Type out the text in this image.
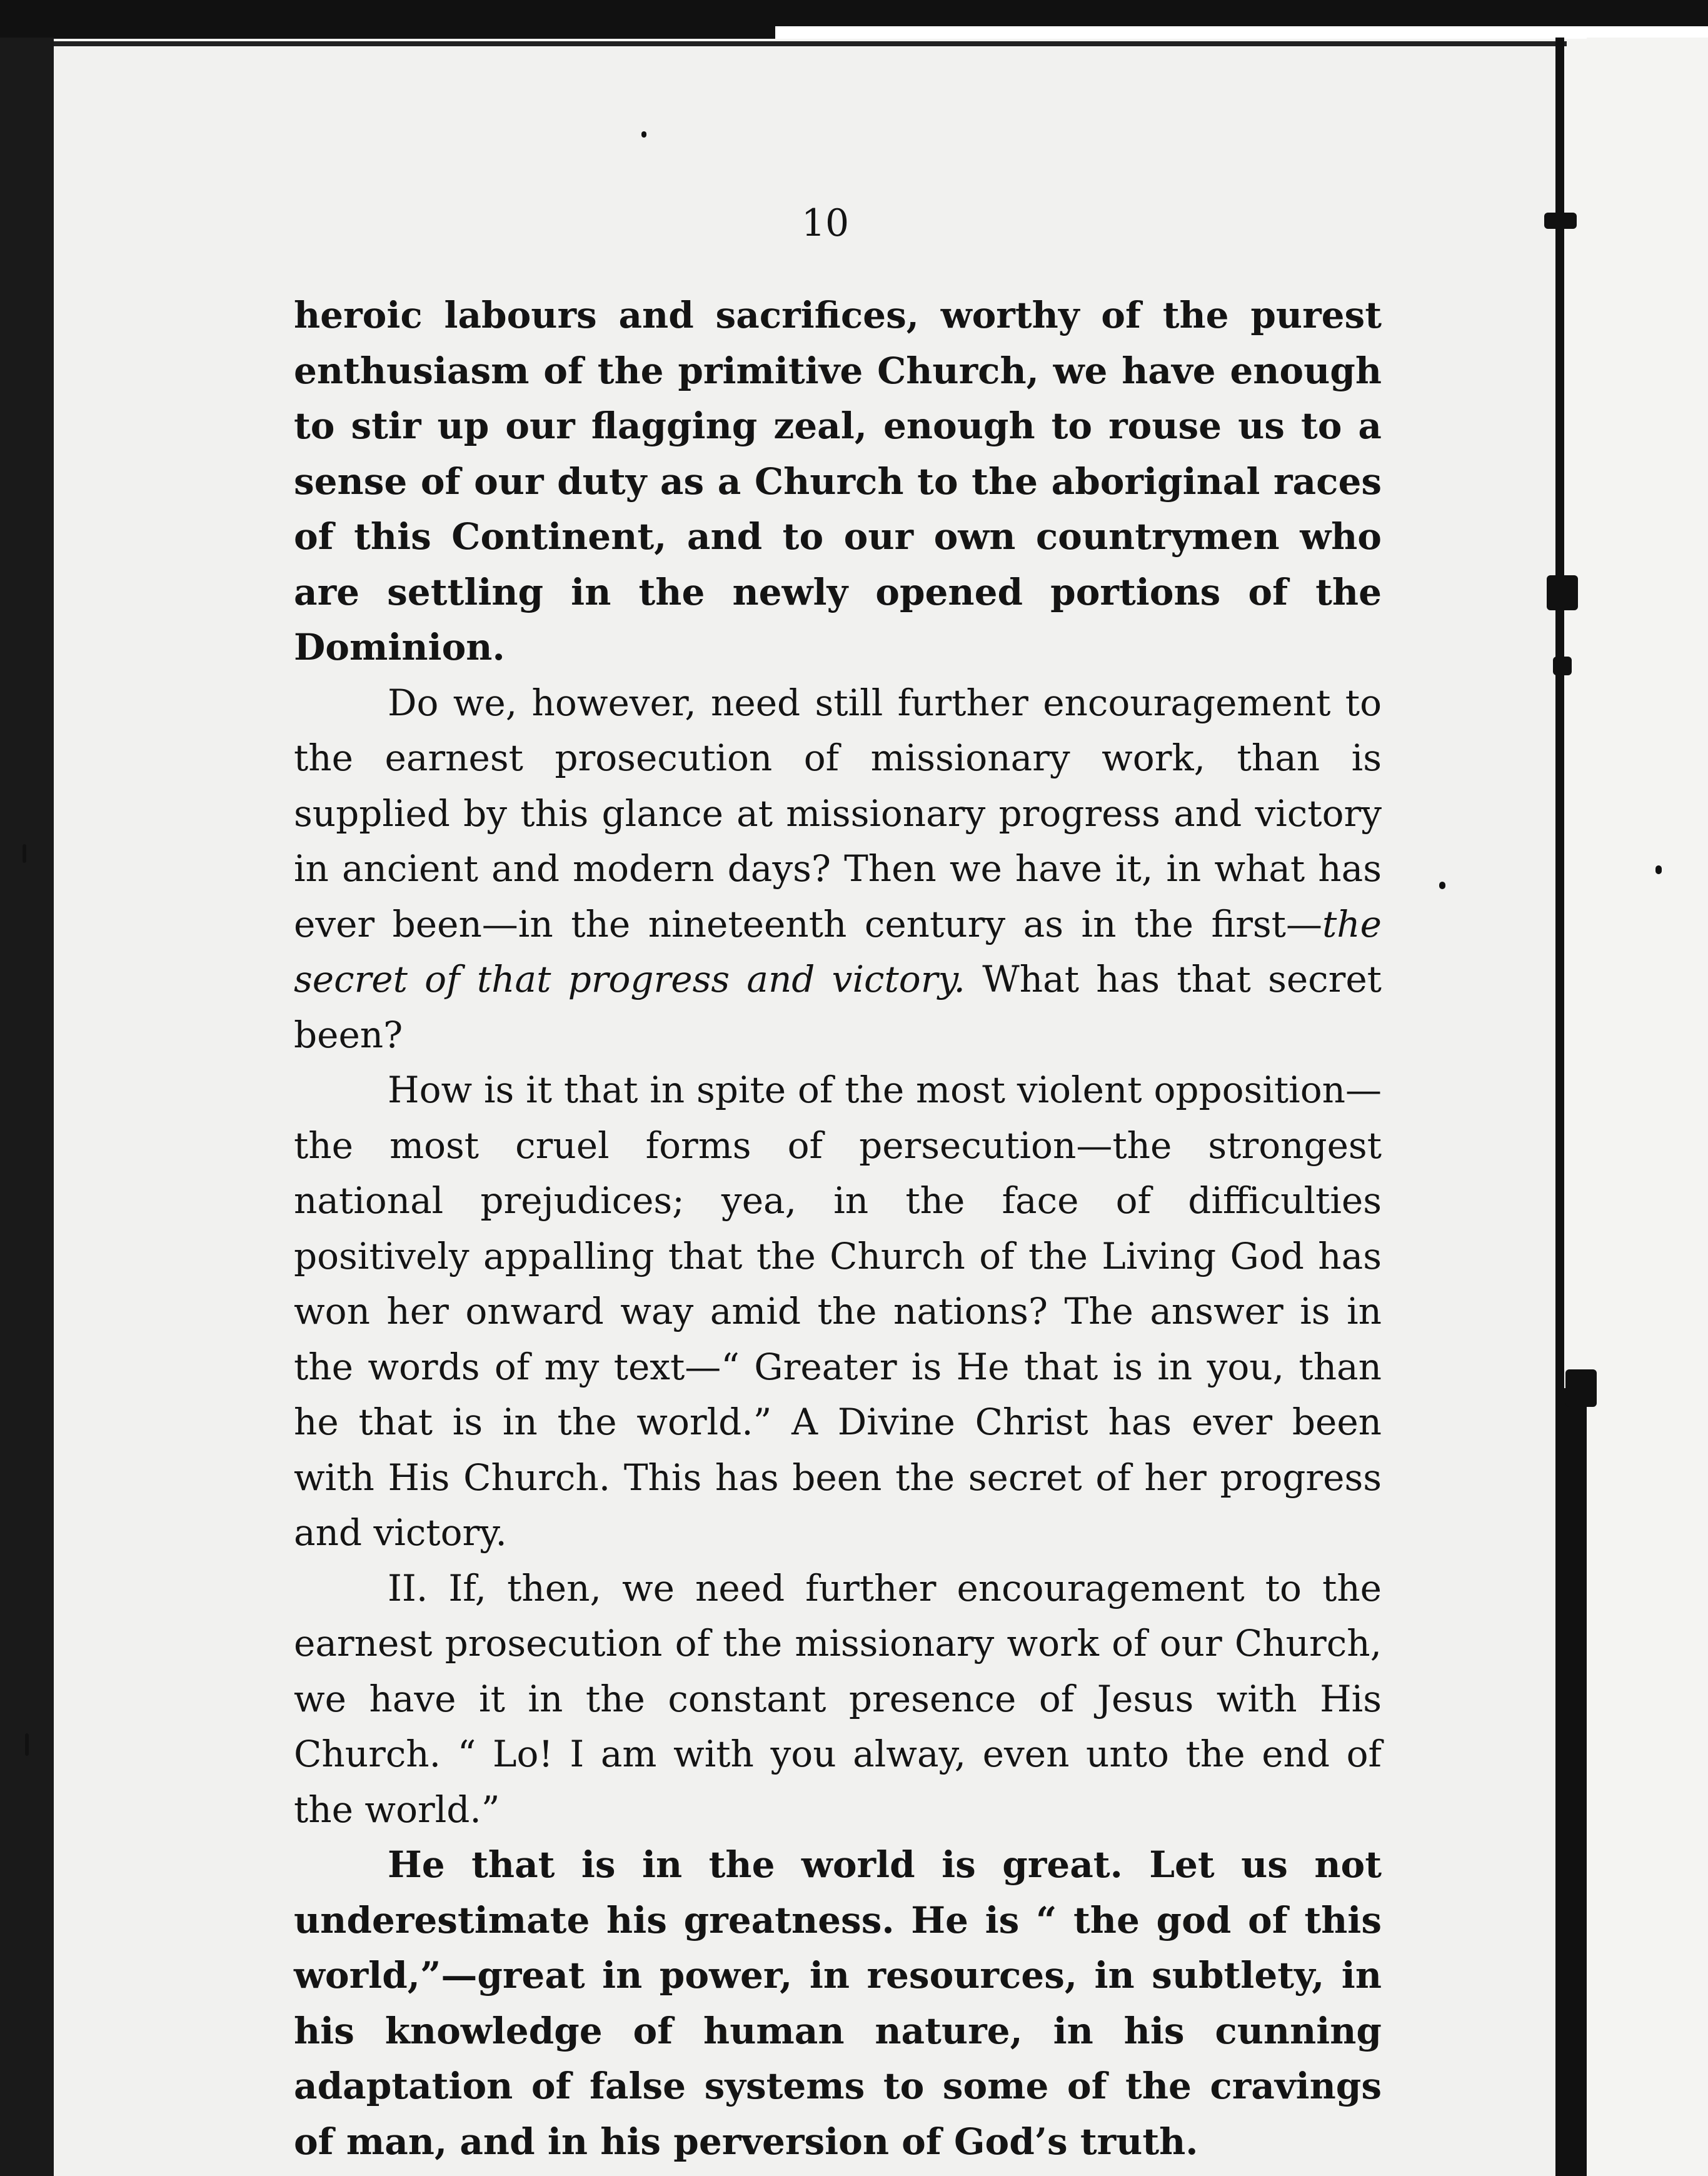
10

heroic labours and sacrifices, worthy of the purest enthusiasm of the primitive Church, we have enough to stir up our flagging zeal, enough to rouse us to a sense of our duty as a Church to the aboriginal races of this Continent, and to our own countrymen who are settling in the newly opened portions of the Dominion.

Do we, however, need still further encouragement to the earnest prosecution of missionary work, than is supplied by this glance at missionary progress and victory in ancient and modern days? Then we have it, in what has ever been—in the nineteenth century as in the first—the secret of that progress and victory. What has that secret been?

How is it that in spite of the most violent opposition—the most cruel forms of persecution—the strongest national prejudices; yea, in the face of difficulties positively appalling that the Church of the Living God has won her onward way amid the nations? The answer is in the words of my text—“ Greater is He that is in you, than he that is in the world.” A Divine Christ has ever been with His Church. This has been the secret of her progress and victory.

II. If, then, we need further encouragement to the earnest prosecution of the missionary work of our Church, we have it in the constant presence of Jesus with His Church. “ Lo! I am with you alway, even unto the end of the world.”

He that is in the world is great. Let us not underestimate his greatness. He is “ the god of this world,”—great in power, in resources, in subtlety, in his knowledge of human nature, in his cunning adaptation of false systems to some of the cravings of man, and in his perversion of God’s truth.
